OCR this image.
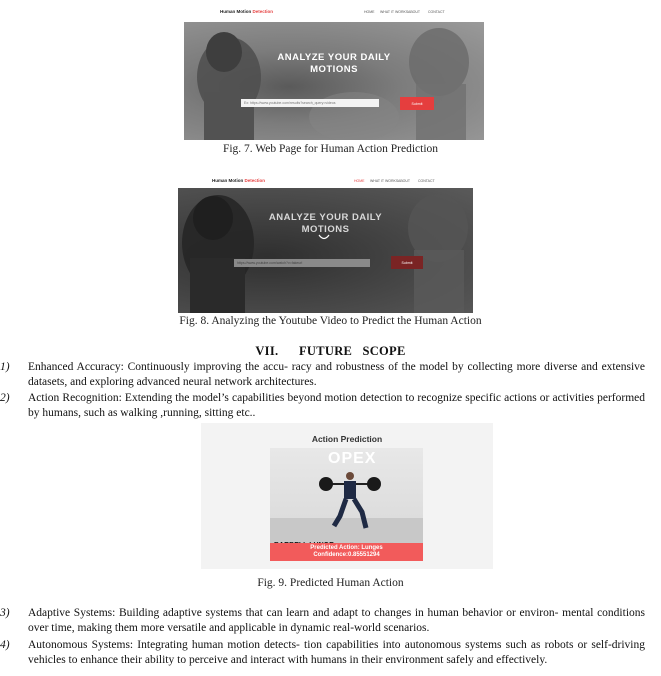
Human Motion Detection	HOME WHAT IT WORKS ABOUT CONTACT
ANALYZE YOUR DAILY
MOTIONS
Ex: https://www.youtube.com/results?search_query=videos
Submit
Fig. 7. Web Page for Human Action Prediction
Human Motion Detection	HOME WHAT IT WORKS ABOUT CONTACT
ANALYZE YOUR DAILY
MOTIONS
https://www.youtube.com/watch?v=fakeurl
Submit
Fig. 8. Analyzing the Youtube Video to Predict the Human Action
VII.      FUTURE   SCOPE
1)	Enhanced Accuracy: Continuously improving the accu- racy and robustness of the model by collecting more diverse and extensive datasets, and exploring advanced neural network architectures.
2)	Action Recognition: Extending the model’s capabilities beyond motion detection to recognize specific actions or activities performed by humans, such as walking ,running, sitting etc..
Action Prediction
OPEX
Predicted Action: Lunges
Confidence:0.85551294
Fig. 9. Predicted Human Action
3)	Adaptive Systems: Building adaptive systems that can learn and adapt to changes in human behavior or environ- mental conditions over time, making them more versatile and applicable in dynamic real-world scenarios.
4)	Autonomous Systems: Integrating human motion detects- tion capabilities into autonomous systems such as robots or self-driving vehicles to enhance their ability to perceive and interact with humans in their environment safely and effectively.
